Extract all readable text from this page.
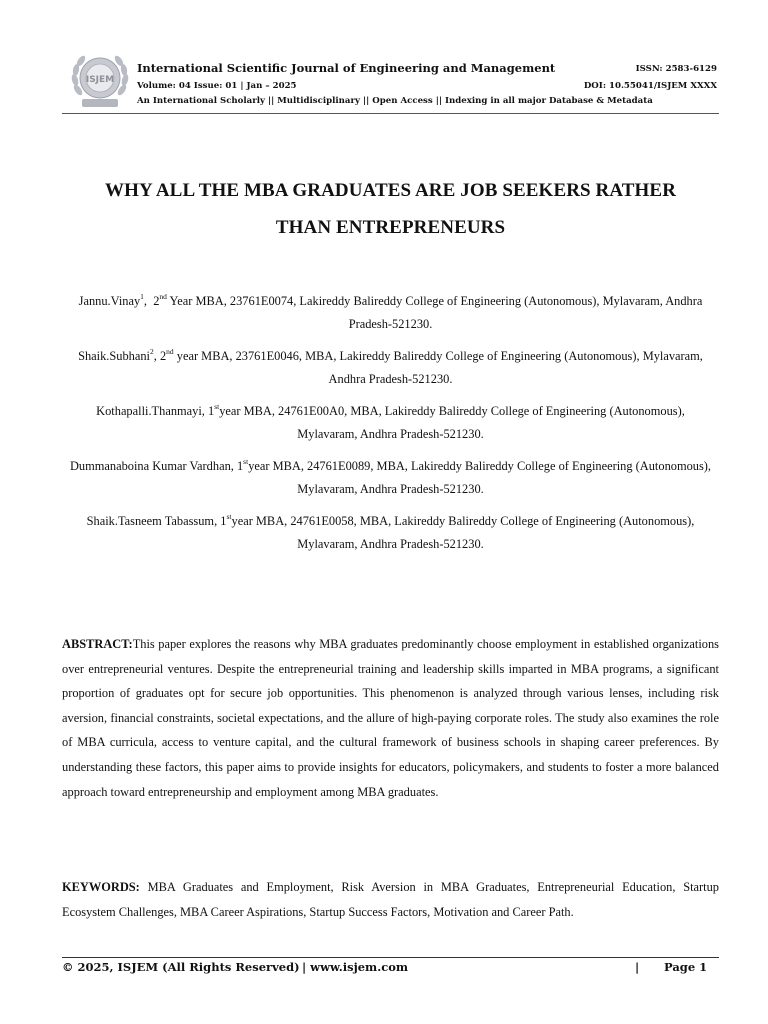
ISJEM
International Scientific Journal of Engineering and Management
Volume: 04 Issue: 01 | Jan – 2025
An International Scholarly || Multidisciplinary || Open Access || Indexing in all major Database & Metadata
ISSN: 2583-6129
DOI: 10.55041/ISJEM XXXX
WHY ALL THE MBA GRADUATES ARE JOB SEEKERS RATHER
THAN ENTREPRENEURS
Jannu.Vinay$^1$,  2nd Year MBA, 23761E0074, Lakireddy Balireddy College of Engineering (Autonomous), Mylavaram, Andhra
Pradesh-521230.
Shaik.Subhani$^2$, 2nd year MBA, 23761E0046, MBA, Lakireddy Balireddy College of Engineering (Autonomous), Mylavaram,
Andhra Pradesh-521230.
Kothapalli.Thanmayi, 1styear MBA, 24761E00A0, MBA, Lakireddy Balireddy College of Engineering (Autonomous),
Mylavaram, Andhra Pradesh-521230.
Dummanaboina Kumar Vardhan, 1styear MBA, 24761E0089, MBA, Lakireddy Balireddy College of Engineering (Autonomous),
Mylavaram, Andhra Pradesh-521230.
Shaik.Tasneem Tabassum, 1styear MBA, 24761E0058, MBA, Lakireddy Balireddy College of Engineering (Autonomous),
Mylavaram, Andhra Pradesh-521230.
ABSTRACT:This paper explores the reasons why MBA graduates predominantly choose employment in established organizations over entrepreneurial ventures. Despite the entrepreneurial training and leadership skills imparted in MBA programs, a significant proportion of graduates opt for secure job opportunities. This phenomenon is analyzed through various lenses, including risk aversion, financial constraints, societal expectations, and the allure of high-paying corporate roles. The study also examines the role of MBA curricula, access to venture capital, and the cultural framework of business schools in shaping career preferences. By understanding these factors, this paper aims to provide insights for educators, policymakers, and students to foster a more balanced approach toward entrepreneurship and employment among MBA graduates.
KEYWORDS: MBA Graduates and Employment, Risk Aversion in MBA Graduates, Entrepreneurial Education, Startup Ecosystem Challenges, MBA Career Aspirations, Startup Success Factors, Motivation and Career Path.
© 2025, ISJEM (All Rights Reserved) | www.isjem.com	| Page 1
